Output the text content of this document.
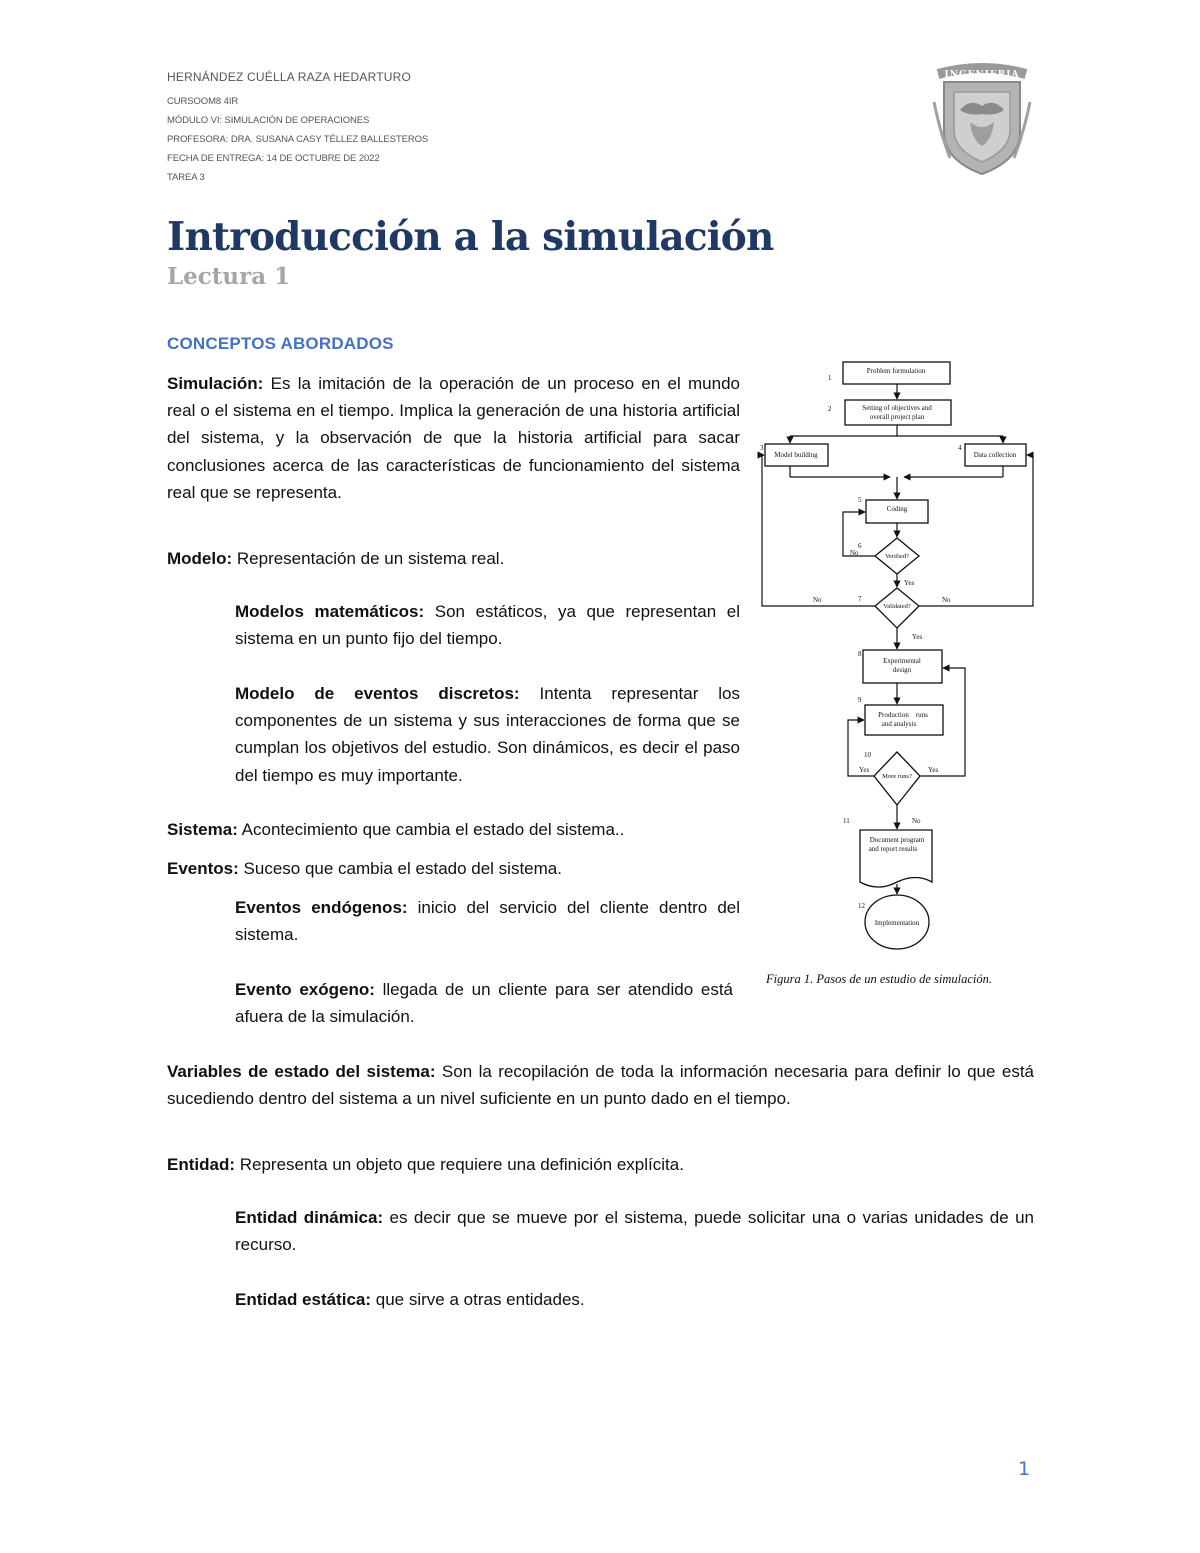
HERNÁNDEZ CUÉLLA RAZA HEDARTURO
CURSOOM8 4IR
MÓDULO VI: SIMULACIÓN DE OPERACIONES
PROFESORA: DRA. SUSANA CASY TÉLLEZ BALLESTEROS
FECHA DE ENTREGA: 14 DE OCTUBRE DE 2022
TAREA 3
INGENIERIA
Introducción a la simulación
Lectura 1
CONCEPTOS ABORDADOS
Simulación: Es la imitación de la operación de un proceso en el mundo real o el sistema en el tiempo. Implica la generación de una historia artificial del sistema, y la observación de que la historia artificial para sacar conclusiones acerca de las características de funcionamiento del sistema real que se representa.
Modelo: Representación de un sistema real.
Modelos matemáticos: Son estáticos, ya que representan el sistema en un punto fijo del tiempo.
Modelo de eventos discretos: Intenta representar los componentes de un sistema y sus interacciones de forma que se cumplan los objetivos del estudio. Son dinámicos, es decir el paso del tiempo es muy importante.
Sistema: Acontecimiento que cambia el estado del sistema..
Eventos: Suceso que cambia el estado del sistema.
Eventos endógenos: inicio del servicio del cliente dentro del sistema.
Evento exógeno: llegada de un cliente para ser atendido está afuera de la simulación.
Variables de estado del sistema: Son la recopilación de toda la información necesaria para definir lo que está sucediendo dentro del sistema a un nivel suficiente en un punto dado en el tiempo.
Entidad: Representa un objeto que requiere una definición explícita.
Entidad dinámica: es decir que se mueve por el sistema, puede solicitar una o varias unidades de un recurso.
Entidad estática: que sirve a otras entidades.
Problem formulation
Setting of objectives and
overall project plan
Model building	Data collection
Coding
Verified?
Validated?
Experimental
design
Production    runs
and analysis
More runs?
Document program
and report results
Implementation
1
2
3	4
5
6
7
8
9
10
11
12
No
Yes
No	No
Yes
Yes	Yes
No
Figura 1. Pasos de un estudio de simulación.
1
